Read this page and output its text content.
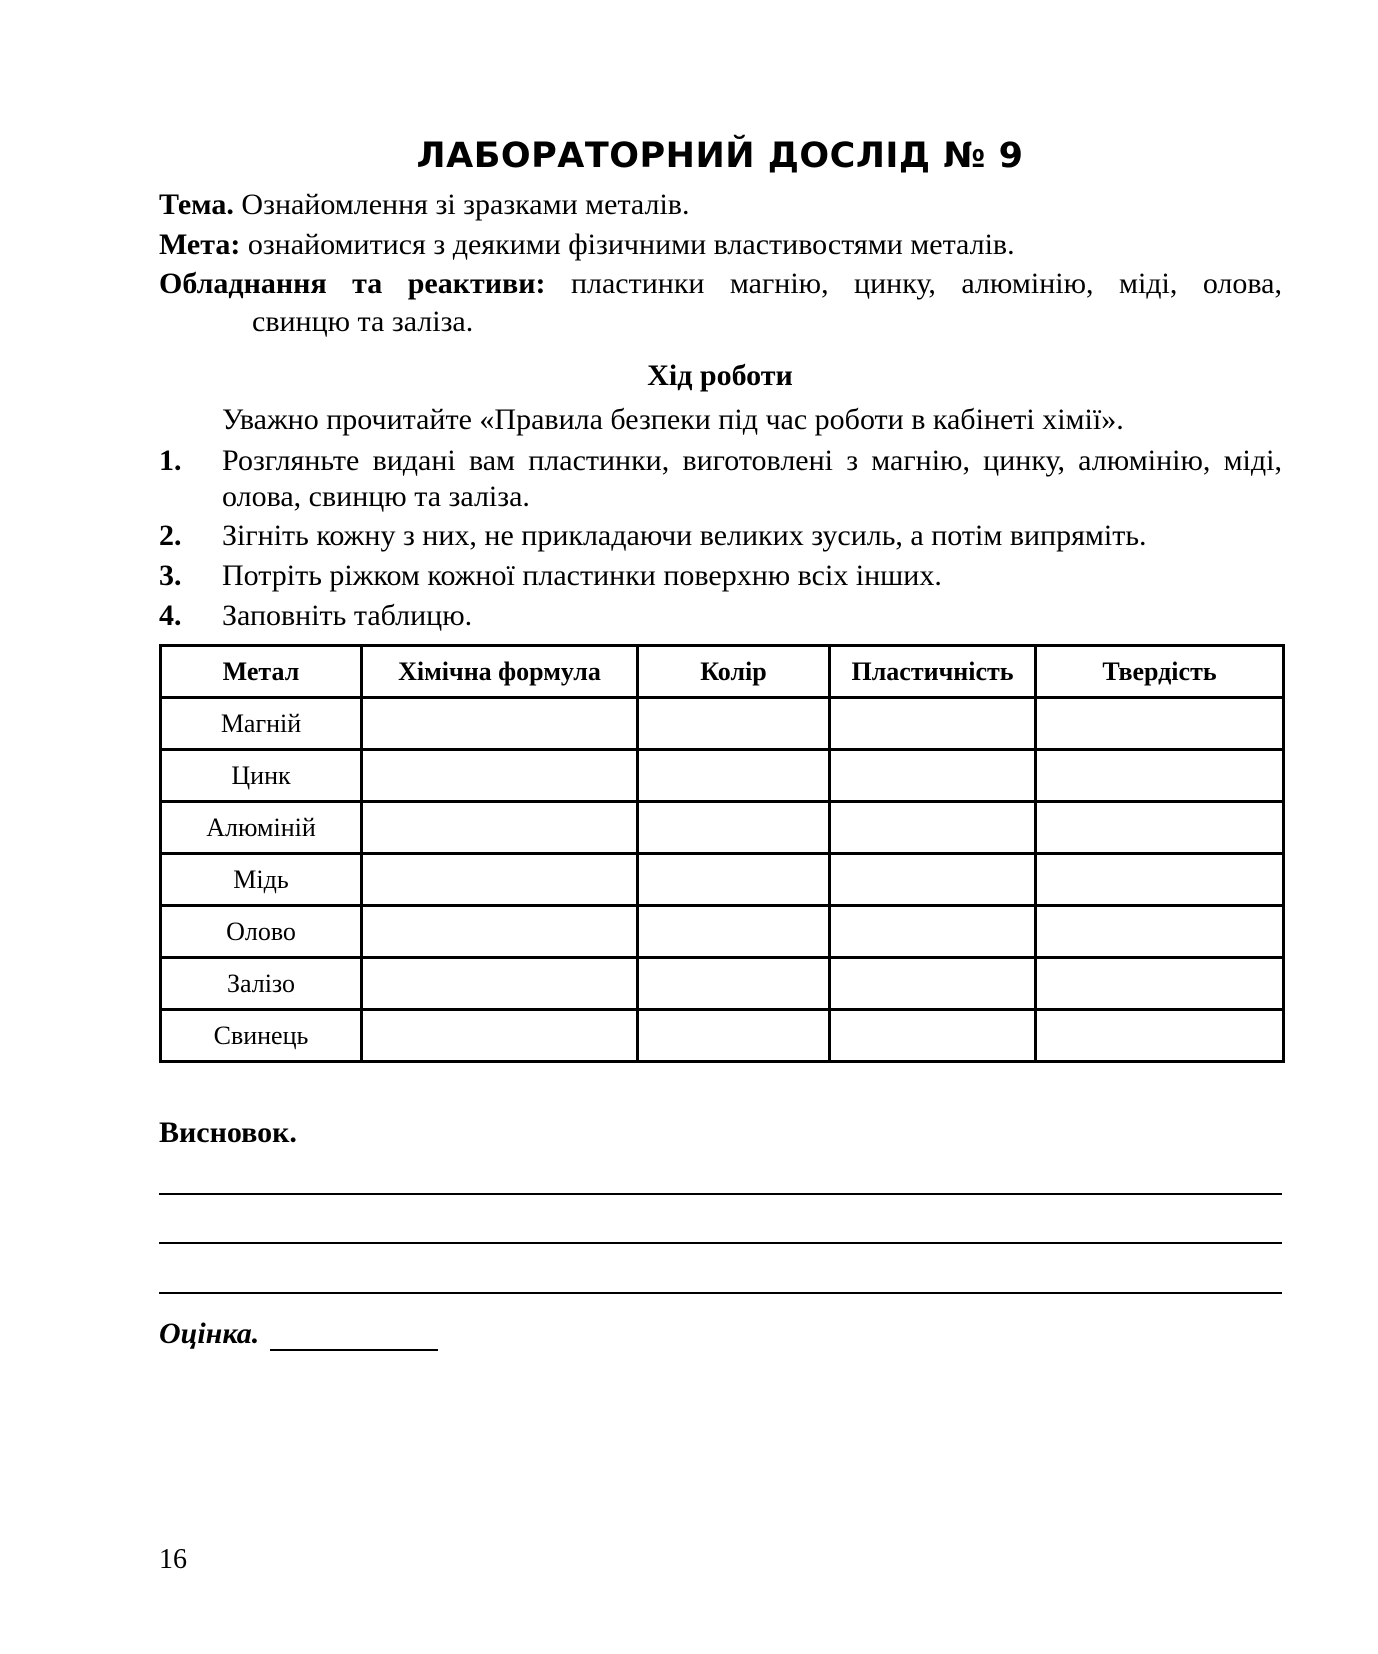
ЛАБОРАТОРНИЙ ДОСЛІД № 9
Тема. Ознайомлення зі зразками металів.
Мета: ознайомитися з деякими фізичними властивостями металів.
Обладнання та реактиви: пластинки магнію, цинку, алюмінію, міді, олова,
свинцю та заліза.
Хід роботи
Уважно прочитайте «Правила безпеки під час роботи в кабінеті хімії».
1. Розгляньте видані вам пластинки, виготовлені з магнію, цинку, алюмінію, міді,
олова, свинцю та заліза.
2. Зігніть кожну з них, не прикладаючи великих зусиль, а потім випряміть.
3. Потріть ріжком кожної пластинки поверхню всіх інших.
4. Заповніть таблицю.
Метал	Хімічна формула	Колір	Пластичність	Твердість
Магній				
Цинк				
Алюміній				
Мідь				
Олово				
Залізо				
Свинець				
Висновок.
Оцінка.
16
